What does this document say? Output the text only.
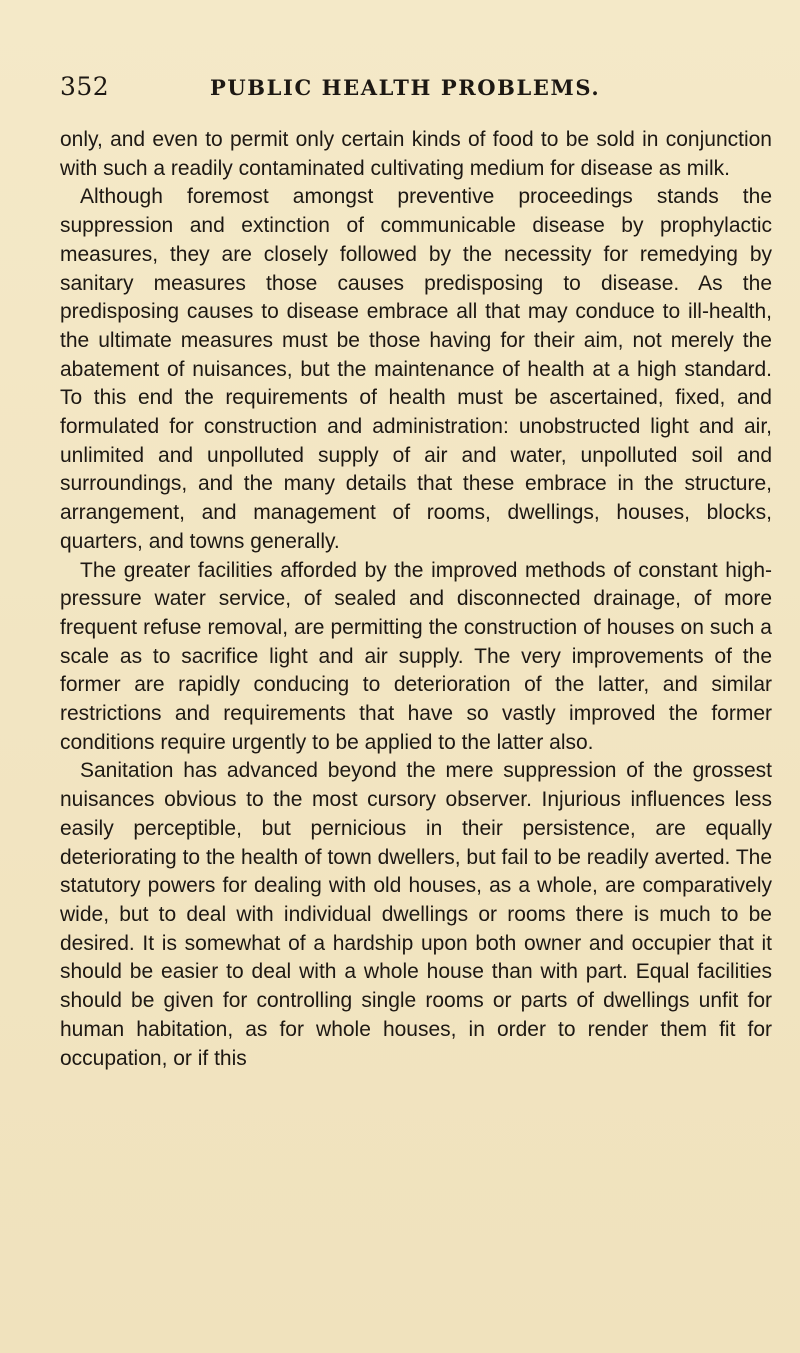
352	PUBLIC HEALTH PROBLEMS.

only, and even to permit only certain kinds of food to be sold in conjunction with such a readily contaminated cultivating medium for disease as milk.

Although foremost amongst preventive proceedings stands the suppression and extinction of communicable disease by prophylactic measures, they are closely followed by the necessity for remedying by sanitary measures those causes predisposing to disease. As the predisposing causes to disease embrace all that may conduce to ill-health, the ultimate measures must be those having for their aim, not merely the abatement of nuisances, but the maintenance of health at a high standard. To this end the requirements of health must be ascertained, fixed, and formulated for construction and administration: unobstructed light and air, unlimited and unpolluted supply of air and water, unpolluted soil and surroundings, and the many details that these embrace in the structure, arrangement, and management of rooms, dwellings, houses, blocks, quarters, and towns generally.

The greater facilities afforded by the improved methods of constant high-pressure water service, of sealed and disconnected drainage, of more frequent refuse removal, are permitting the construction of houses on such a scale as to sacrifice light and air supply. The very improvements of the former are rapidly conducing to deterioration of the latter, and similar restrictions and requirements that have so vastly improved the former conditions require urgently to be applied to the latter also.

Sanitation has advanced beyond the mere suppression of the grossest nuisances obvious to the most cursory observer. Injurious influences less easily perceptible, but pernicious in their persistence, are equally deteriorating to the health of town dwellers, but fail to be readily averted. The statutory powers for dealing with old houses, as a whole, are comparatively wide, but to deal with individual dwellings or rooms there is much to be desired. It is somewhat of a hardship upon both owner and occupier that it should be easier to deal with a whole house than with part. Equal facilities should be given for controlling single rooms or parts of dwellings unfit for human habitation, as for whole houses, in order to render them fit for occupation, or if this
